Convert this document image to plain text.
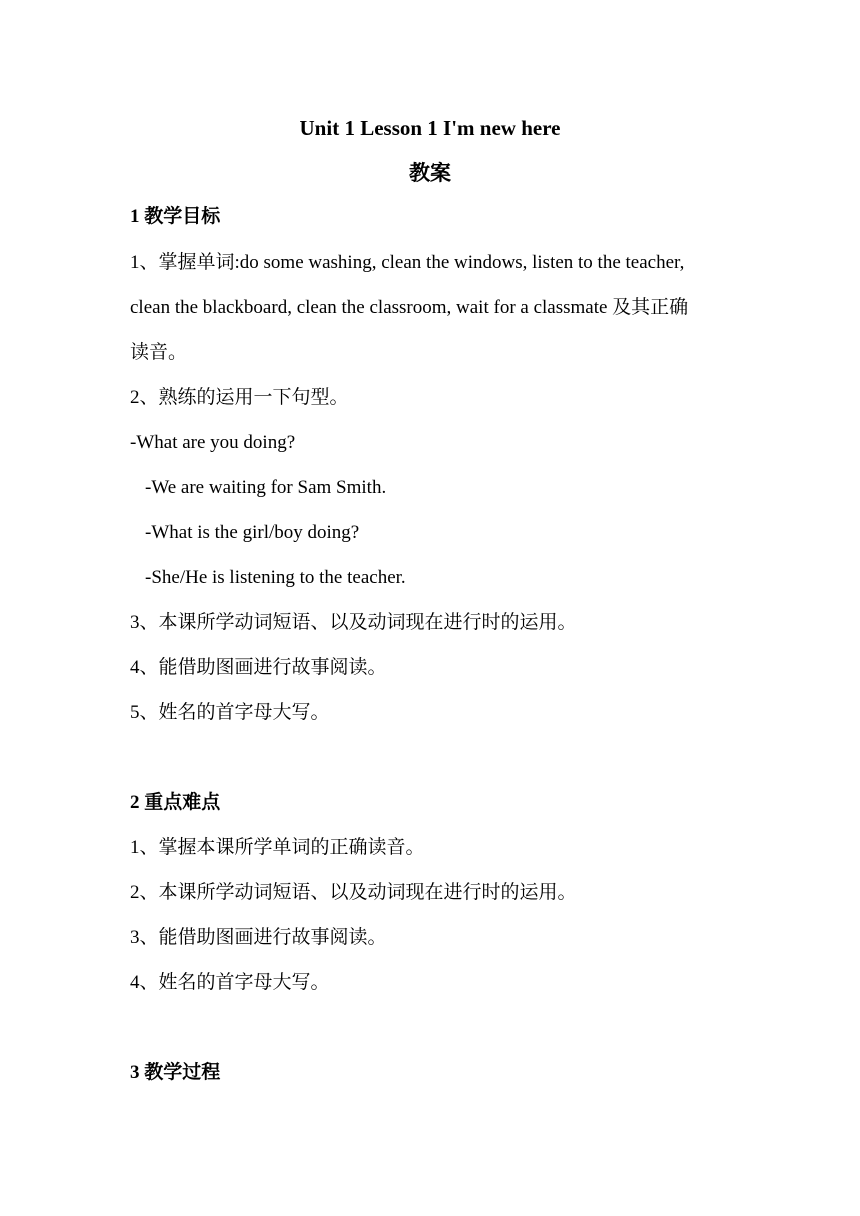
Unit 1 Lesson 1 I'm new here
教案
1 教学目标
1、掌握单词:do some washing, clean the windows, listen to the teacher,
clean the blackboard, clean the classroom, wait for a classmate 及其正确
读音。
2、熟练的运用一下句型。
-What are you doing?
-We are waiting for Sam Smith.
-What is the girl/boy doing?
-She/He is listening to the teacher.
3、本课所学动词短语、以及动词现在进行时的运用。
4、能借助图画进行故事阅读。
5、姓名的首字母大写。
2 重点难点
1、掌握本课所学单词的正确读音。
2、本课所学动词短语、以及动词现在进行时的运用。
3、能借助图画进行故事阅读。
4、姓名的首字母大写。
3 教学过程
